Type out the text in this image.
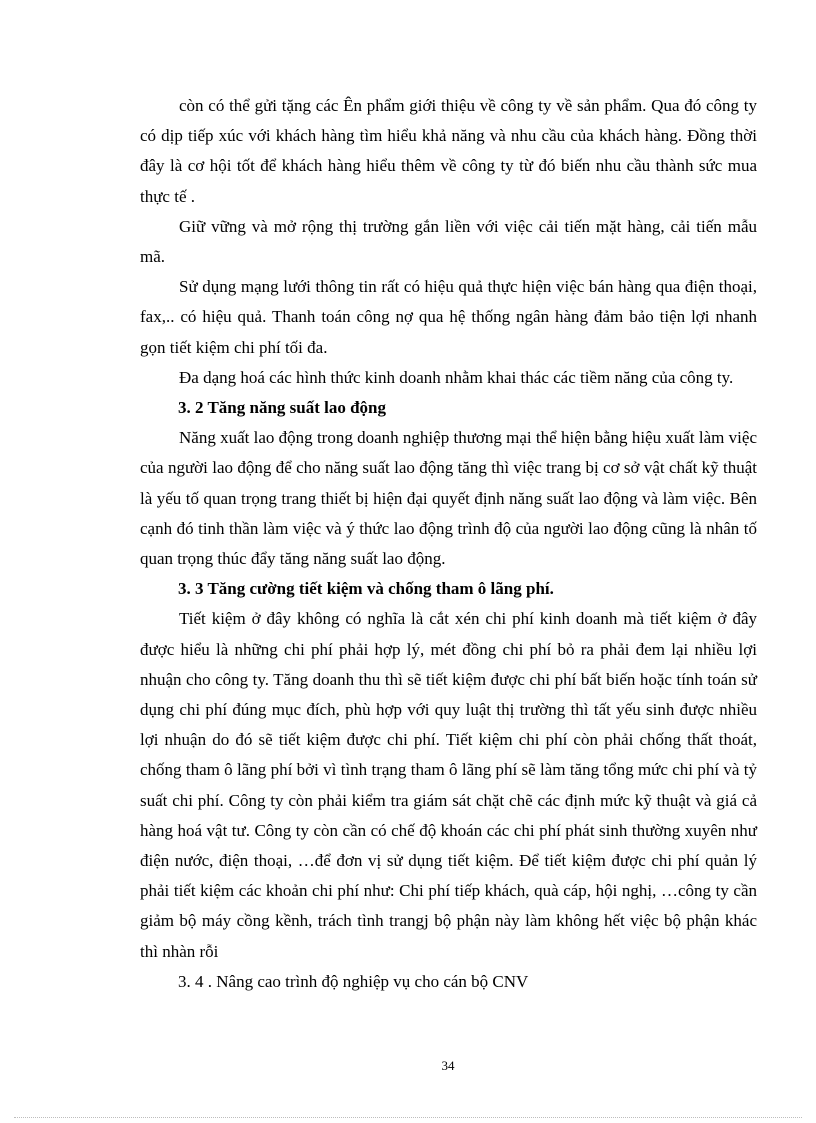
còn có thể gửi tặng các Ên phẩm giới thiệu về công ty về sản phẩm. Qua đó công ty có dịp tiếp xúc với khách hàng tìm hiểu khả năng và nhu cầu của khách hàng. Đồng thời đây là cơ hội tốt để khách hàng hiểu thêm về công ty từ đó biến nhu cầu thành sức mua thực tế .

Giữ vững và mở rộng thị trường gắn liền với việc cải tiến mặt hàng, cải tiến mẫu mã.

Sử dụng mạng lưới thông tin rất có hiệu quả thực hiện việc bán hàng qua điện thoại, fax,.. có hiệu quả. Thanh toán công nợ qua hệ thống ngân hàng đảm bảo tiện lợi nhanh gọn tiết kiệm chi phí tối đa.

Đa dạng hoá các hình thức kinh doanh nhằm khai thác các tiềm năng của công ty.

3. 2 Tăng năng suất lao động

Năng xuất lao động trong doanh nghiệp thương mại thể hiện bằng hiệu xuất làm việc của người lao động để cho năng suất lao động tăng thì việc trang bị cơ sở vật chất kỹ thuật là yếu tố quan trọng trang thiết bị hiện đại quyết định năng suất lao động và làm việc. Bên cạnh đó tinh thần làm việc và ý thức lao động trình độ của người lao động cũng là nhân tố quan trọng thúc đẩy tăng năng suất lao động.

3. 3 Tăng cường tiết kiệm và chống tham ô lãng phí.

Tiết kiệm ở đây không có nghĩa là cắt xén chi phí kinh doanh mà tiết kiệm ở đây được hiểu là những chi phí phải hợp lý, mét đồng chi phí bỏ ra phải đem lại nhiều lợi nhuận cho công ty. Tăng doanh thu thì sẽ tiết kiệm được chi phí bất biến hoặc tính toán sử dụng chi phí đúng mục đích, phù hợp với quy luật thị trường thì tất yếu sinh được nhiều lợi nhuận do đó sẽ tiết kiệm được chi phí. Tiết kiệm chi phí còn phải chống thất thoát, chống tham ô lãng phí bởi vì tình trạng tham ô lãng phí sẽ làm tăng tổng mức chi phí và tỷ suất chi phí. Công ty còn phải kiểm tra giám sát chặt chẽ các định mức kỹ thuật và giá cả hàng hoá vật tư. Công ty còn cần có chế độ khoán các chi phí phát sinh thường xuyên như điện nước, điện thoại, …để đơn vị sử dụng tiết kiệm. Để tiết kiệm được chi phí quản lý phải tiết kiệm các khoản chi phí như: Chi phí tiếp khách, quà cáp, hội nghị, …công ty cần giảm bộ máy cồng kềnh, trách tình trangj bộ phận này làm không hết việc bộ phận khác thì nhàn rỗi

3. 4 . Nâng cao trình độ nghiệp vụ cho cán bộ CNV

34
